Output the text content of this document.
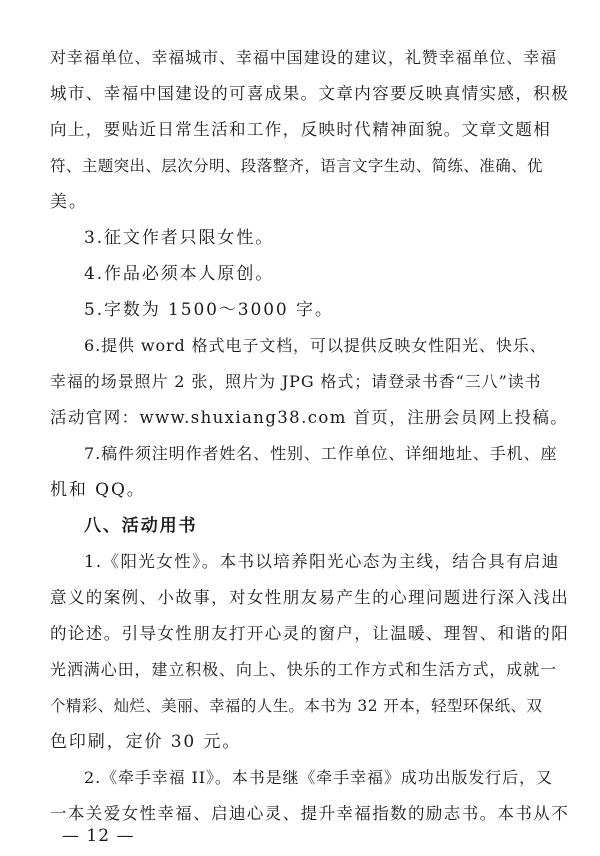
对幸福单位、幸福城市、幸福中国建设的建议，礼赞幸福单位、幸福
城市、幸福中国建设的可喜成果。文章内容要反映真情实感，积极
向上，要贴近日常生活和工作，反映时代精神面貌。文章文题相
符、主题突出、层次分明、段落整齐，语言文字生动、简练、准确、优
美。
3.征文作者只限女性。
4.作品必须本人原创。
5.字数为 1500～3000 字。
6.提供 word 格式电子文档，可以提供反映女性阳光、快乐、
幸福的场景照片 2 张，照片为 JPG 格式；请登录书香“三八”读书
活动官网：www.shuxiang38.com 首页，注册会员网上投稿。
7.稿件须注明作者姓名、性别、工作单位、详细地址、手机、座
机和 QQ。
八、活动用书
1.《阳光女性》。本书以培养阳光心态为主线，结合具有启迪
意义的案例、小故事，对女性朋友易产生的心理问题进行深入浅出
的论述。引导女性朋友打开心灵的窗户，让温暖、理智、和谐的阳
光洒满心田，建立积极、向上、快乐的工作方式和生活方式，成就一
个精彩、灿烂、美丽、幸福的人生。本书为 32 开本，轻型环保纸、双
色印刷，定价 30 元。
2.《牵手幸福 II》。本书是继《牵手幸福》成功出版发行后，又
一本关爱女性幸福、启迪心灵、提升幸福指数的励志书。本书从不
— 12 —
